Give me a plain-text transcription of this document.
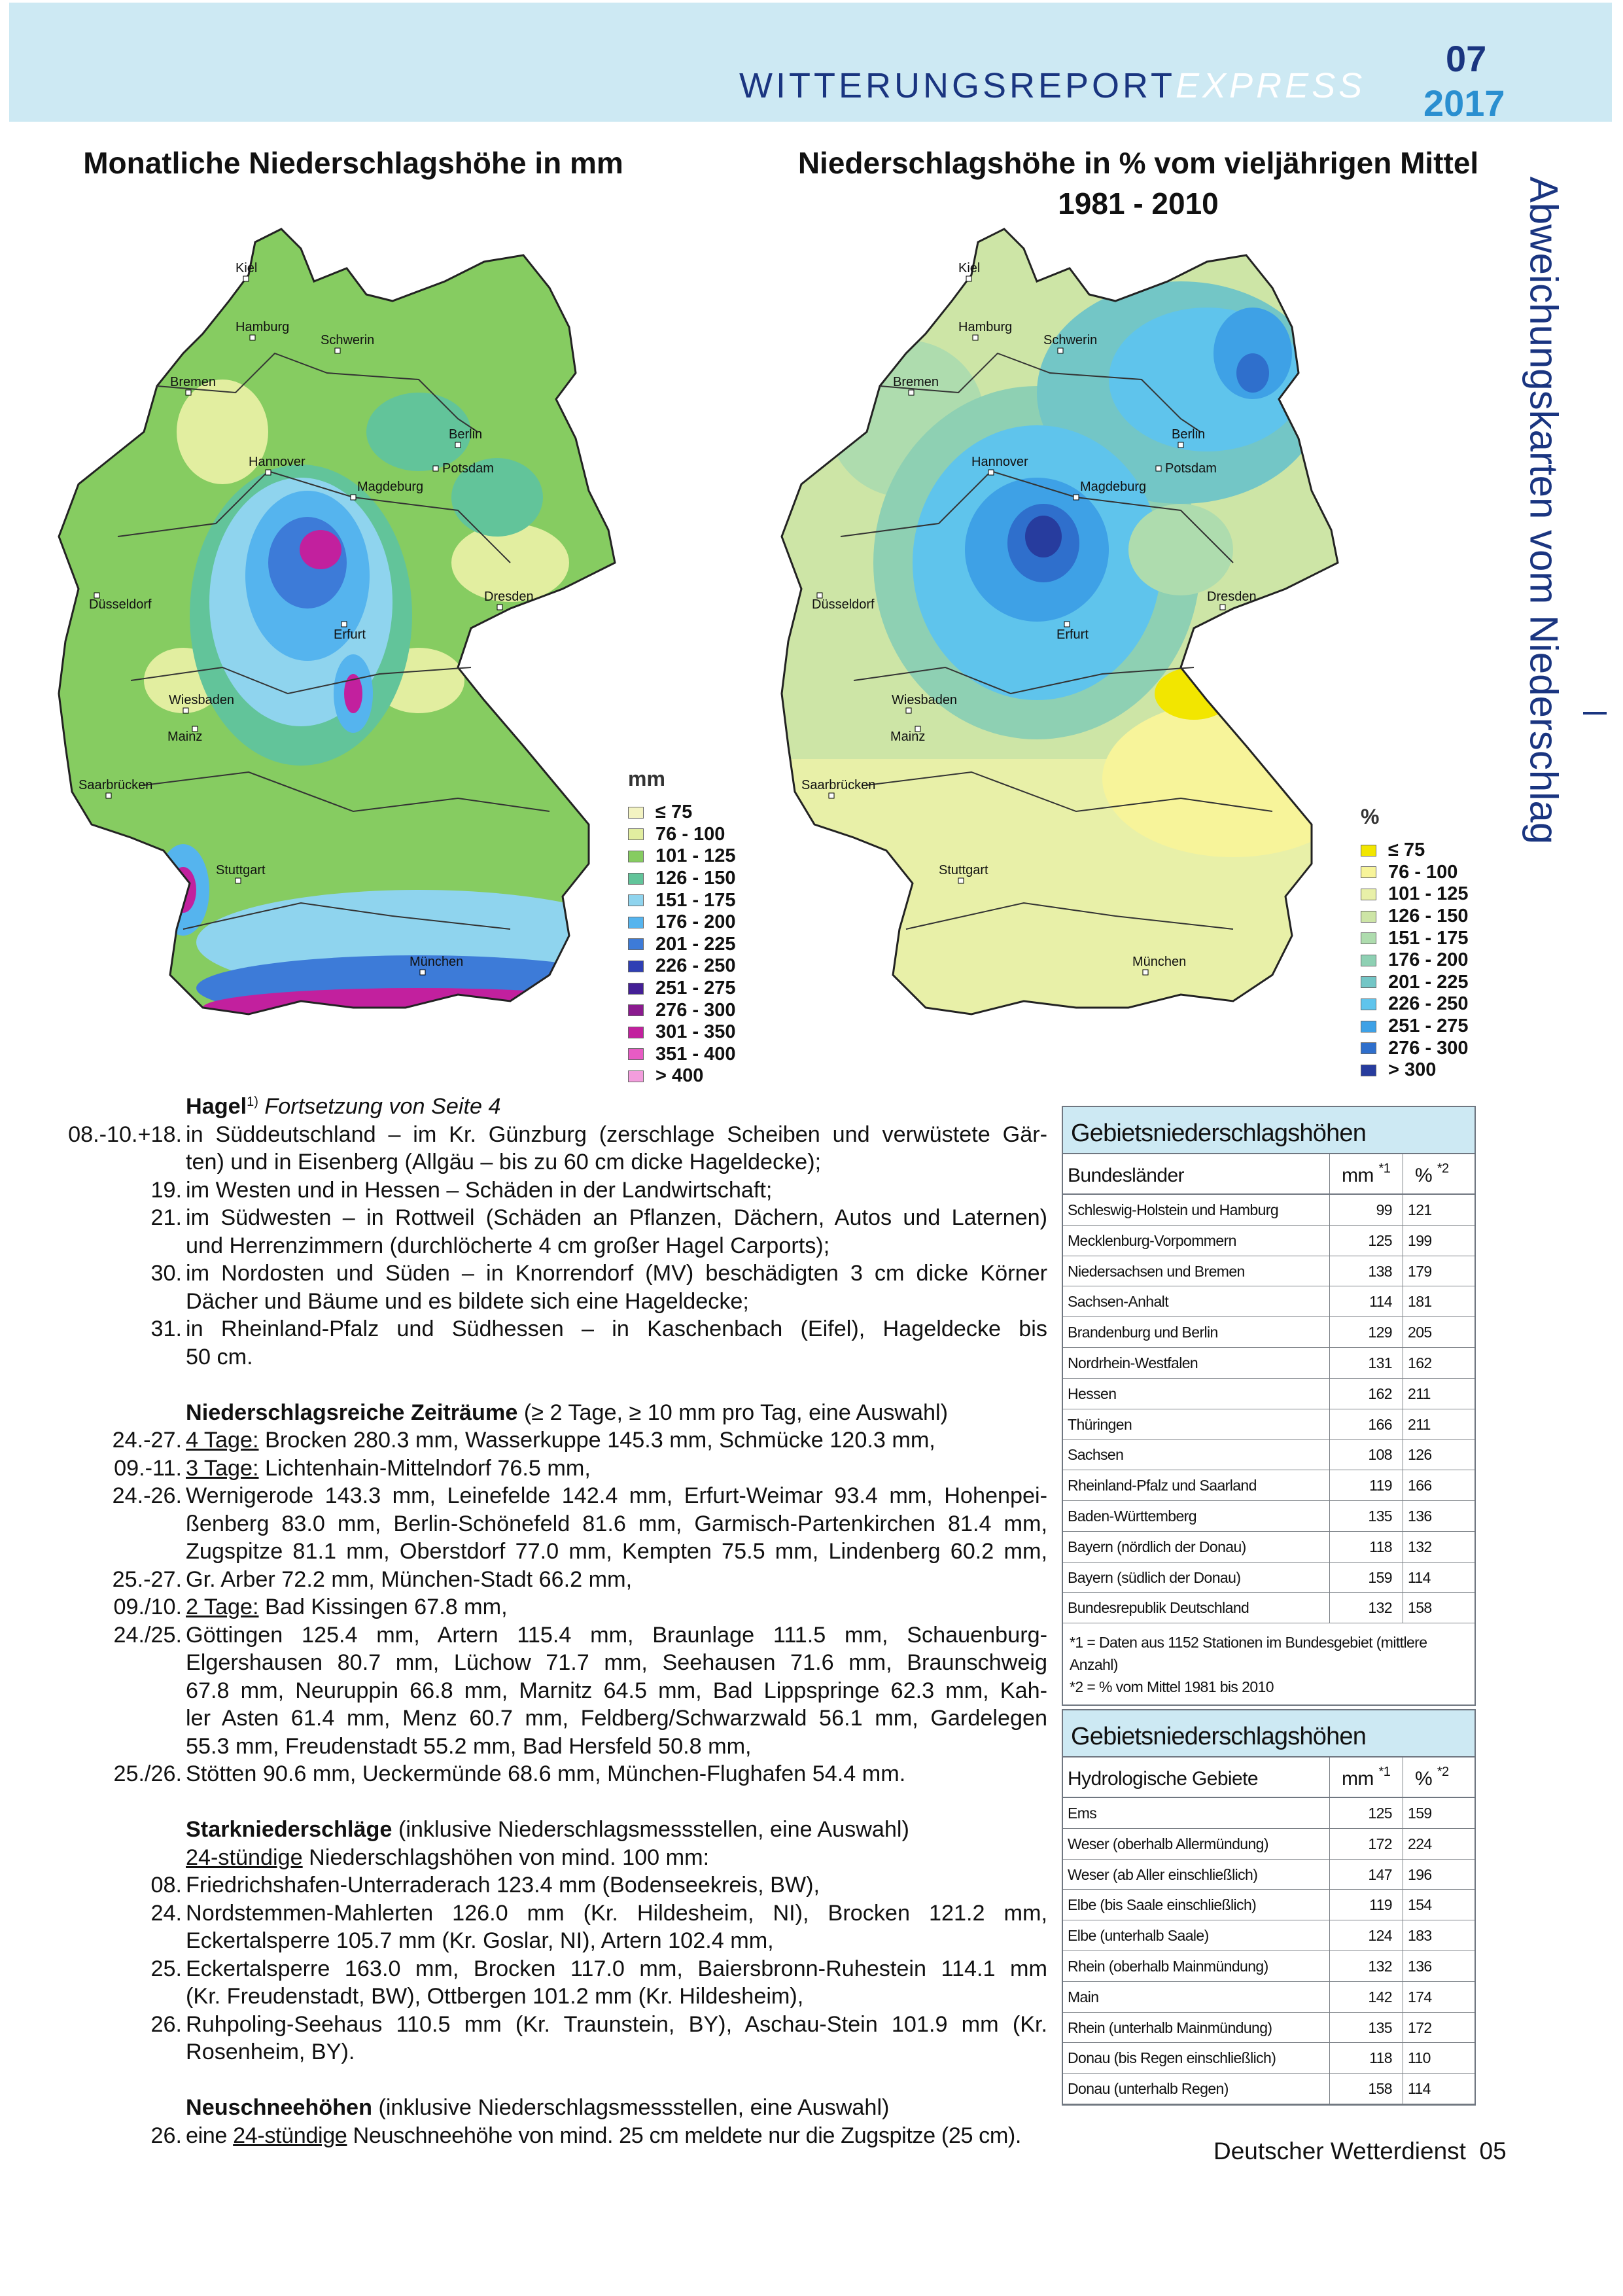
WITTERUNGSREPORTEXPRESS
07
2017
Monatliche Niederschlagshöhe in mm	Niederschlagshöhe in % vom vieljährigen Mittel
1981 - 2010
Kiel
Hamburg
Schwerin
Bremen
Berlin
Potsdam
Hannover
Magdeburg
Düsseldorf
Erfurt
Dresden
Wiesbaden
Mainz
Saarbrücken
Stuttgart
München
Kiel
Hamburg
Schwerin
Bremen
Berlin
Potsdam
Hannover
Magdeburg
Düsseldorf
Erfurt
Dresden
Wiesbaden
Mainz
Saarbrücken
Stuttgart
München
mm
≤ 75
76 - 100
101 - 125
126 - 150
151 - 175
176 - 200
201 - 225
226 - 250
251 - 275
276 - 300
301 - 350
351 - 400
> 400
%
≤ 75
76 - 100
101 - 125
126 - 150
151 - 175
176 - 200
201 - 225
226 - 250
251 - 275
276 - 300
> 300
Abweichungskarten vom Niederschlag
Hagel$^{1)}$ Fortsetzung von Seite 4
08.-10.+18. in Süddeutschland – im Kr. Günzburg (zerschlage Scheiben und verwüstete Gär-
ten) und in Eisenberg (Allgäu – bis zu 60 cm dicke Hageldecke);
19. im Westen und in Hessen – Schäden in der Landwirtschaft;
21. im Südwesten – in Rottweil (Schäden an Pflanzen, Dächern, Autos und Laternen)
und Herrenzimmern (durchlöcherte 4 cm großer Hagel Carports);
30. im Nordosten und Süden – in Knorrendorf (MV) beschädigten 3 cm dicke Körner
Dächer und Bäume und es bildete sich eine Hageldecke;
31. in Rheinland-Pfalz und Südhessen – in Kaschenbach (Eifel), Hageldecke bis
50 cm.
Niederschlagsreiche Zeiträume (≥ 2 Tage, ≥ 10 mm pro Tag, eine Auswahl)
24.-27. 4 Tage: Brocken 280.3 mm, Wasserkuppe 145.3 mm, Schmücke 120.3 mm,
09.-11. 3 Tage: Lichtenhain-Mittelndorf 76.5 mm,
24.-26. Wernigerode 143.3 mm, Leinefelde 142.4 mm, Erfurt-Weimar 93.4 mm, Hohenpei-
ßenberg 83.0 mm, Berlin-Schönefeld 81.6 mm, Garmisch-Partenkirchen 81.4 mm,
Zugspitze 81.1 mm, Oberstdorf 77.0 mm, Kempten 75.5 mm, Lindenberg 60.2 mm,
25.-27. Gr. Arber 72.2 mm, München-Stadt 66.2 mm,
09./10. 2 Tage: Bad Kissingen 67.8 mm,
24./25. Göttingen 125.4 mm, Artern 115.4 mm, Braunlage 111.5 mm, Schauenburg-
Elgershausen 80.7 mm, Lüchow 71.7 mm, Seehausen 71.6 mm, Braunschweig
67.8 mm, Neuruppin 66.8 mm, Marnitz 64.5 mm, Bad Lippspringe 62.3 mm, Kah-
ler Asten 61.4 mm, Menz 60.7 mm, Feldberg/Schwarzwald 56.1 mm, Gardelegen
55.3 mm, Freudenstadt 55.2 mm, Bad Hersfeld 50.8 mm,
25./26. Stötten 90.6 mm, Ueckermünde 68.6 mm, München-Flughafen 54.4 mm.
Starkniederschläge (inklusive Niederschlagsmessstellen, eine Auswahl)
24-stündige Niederschlagshöhen von mind. 100 mm:
08. Friedrichshafen-Unterraderach 123.4 mm (Bodenseekreis, BW),
24. Nordstemmen-Mahlerten 126.0 mm (Kr. Hildesheim, NI), Brocken 121.2 mm,
Eckertalsperre 105.7 mm (Kr. Goslar, NI), Artern 102.4 mm,
25. Eckertalsperre 163.0 mm, Brocken 117.0 mm, Baiersbronn-Ruhestein 114.1 mm
(Kr. Freudenstadt, BW), Ottbergen 101.2 mm (Kr. Hildesheim),
26. Ruhpoling-Seehaus 110.5 mm (Kr. Traunstein, BY), Aschau-Stein 101.9 mm (Kr.
Rosenheim, BY).
Neuschneehöhen (inklusive Niederschlagsmessstellen, eine Auswahl)
26. eine 24-stündige Neuschneehöhe von mind. 25 cm meldete nur die Zugspitze (25 cm).
Gebietsniederschlagshöhen
Bundesländer	mm $^{*1}$	% $^{*2}$
Schleswig-Holstein und Hamburg	99	121
Mecklenburg-Vorpommern	125	199
Niedersachsen und Bremen	138	179
Sachsen-Anhalt	114	181
Brandenburg und Berlin	129	205
Nordrhein-Westfalen	131	162
Hessen	162	211
Thüringen	166	211
Sachsen	108	126
Rheinland-Pfalz und Saarland	119	166
Baden-Württemberg	135	136
Bayern (nördlich der Donau)	118	132
Bayern (südlich der Donau)	159	114
Bundesrepublik Deutschland	132	158
*1 = Daten aus 1152 Stationen im Bundesgebiet (mittlere Anzahl)
*2 = % vom Mittel 1981 bis 2010
Gebietsniederschlagshöhen
Hydrologische Gebiete	mm $^{*1}$	% $^{*2}$
Ems	125	159
Weser (oberhalb Allermündung)	172	224
Weser (ab Aller einschließlich)	147	196
Elbe (bis Saale einschließlich)	119	154
Elbe (unterhalb Saale)	124	183
Rhein (oberhalb Mainmündung)	132	136
Main	142	174
Rhein (unterhalb Mainmündung)	135	172
Donau (bis Regen einschließlich)	118	110
Donau (unterhalb Regen)	158	114
Deutscher Wetterdienst 05
